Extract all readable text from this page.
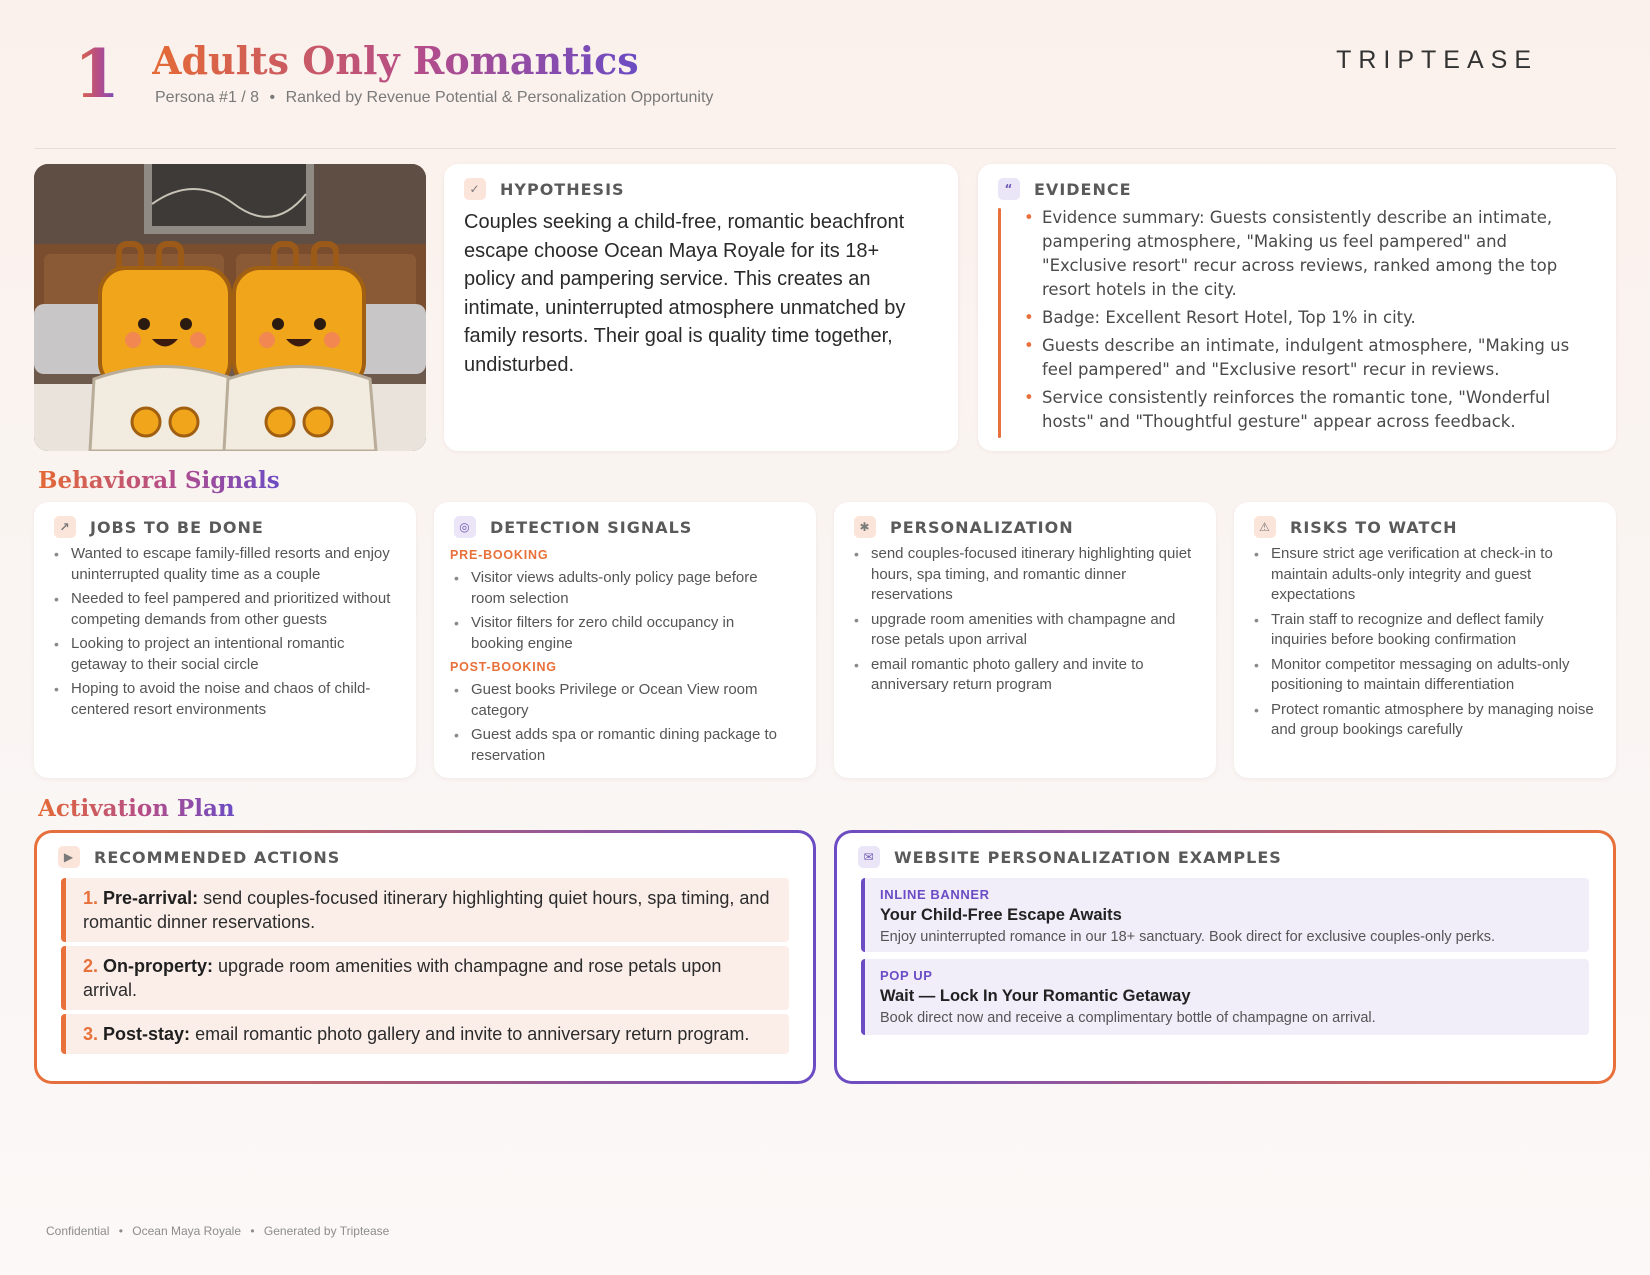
1 Adults Only Romantics
Persona #1 / 8 • Ranked by Revenue Potential & Personalization Opportunity
TRIPTEASE
✓	HYPOTHESIS
Couples seeking a child-free, romantic beachfront escape choose Ocean Maya Royale for its 18+ policy and pampering service. This creates an intimate, uninterrupted atmosphere unmatched by family resorts. Their goal is quality time together, undisturbed.
“	EVIDENCE
• Evidence summary: Guests consistently describe an intimate, pampering atmosphere, "Making us feel pampered" and "Exclusive resort" recur across reviews, ranked among the top resort hotels in the city.
• Badge: Excellent Resort Hotel, Top 1% in city.
• Guests describe an intimate, indulgent atmosphere, "Making us feel pampered" and "Exclusive resort" recur in reviews.
• Service consistently reinforces the romantic tone, "Wonderful hosts" and "Thoughtful gesture" appear across feedback.
Behavioral Signals
↗	JOBS TO BE DONE
• Wanted to escape family-filled resorts and enjoy uninterrupted quality time as a couple
• Needed to feel pampered and prioritized without competing demands from other guests
• Looking to project an intentional romantic getaway to their social circle
• Hoping to avoid the noise and chaos of child-centered resort environments
◎	DETECTION SIGNALS
PRE-BOOKING
• Visitor views adults-only policy page before room selection
• Visitor filters for zero child occupancy in booking engine
POST-BOOKING
• Guest books Privilege or Ocean View room category
• Guest adds spa or romantic dining package to reservation
✱	PERSONALIZATION
• send couples-focused itinerary highlighting quiet hours, spa timing, and romantic dinner reservations
• upgrade room amenities with champagne and rose petals upon arrival
• email romantic photo gallery and invite to anniversary return program
⚠	RISKS TO WATCH
• Ensure strict age verification at check-in to maintain adults-only integrity and guest expectations
• Train staff to recognize and deflect family inquiries before booking confirmation
• Monitor competitor messaging on adults-only positioning to maintain differentiation
• Protect romantic atmosphere by managing noise and group bookings carefully
Activation Plan
▶	RECOMMENDED ACTIONS
1. Pre-arrival: send couples-focused itinerary highlighting quiet hours, spa timing, and romantic dinner reservations.
2. On-property: upgrade room amenities with champagne and rose petals upon arrival.
3. Post-stay: email romantic photo gallery and invite to anniversary return program.
✉	WEBSITE PERSONALIZATION EXAMPLES
INLINE BANNER
Your Child-Free Escape Awaits
Enjoy uninterrupted romance in our 18+ sanctuary. Book direct for exclusive couples-only perks.
POP UP
Wait — Lock In Your Romantic Getaway
Book direct now and receive a complimentary bottle of champagne on arrival.
Confidential • Ocean Maya Royale • Generated by Triptease
